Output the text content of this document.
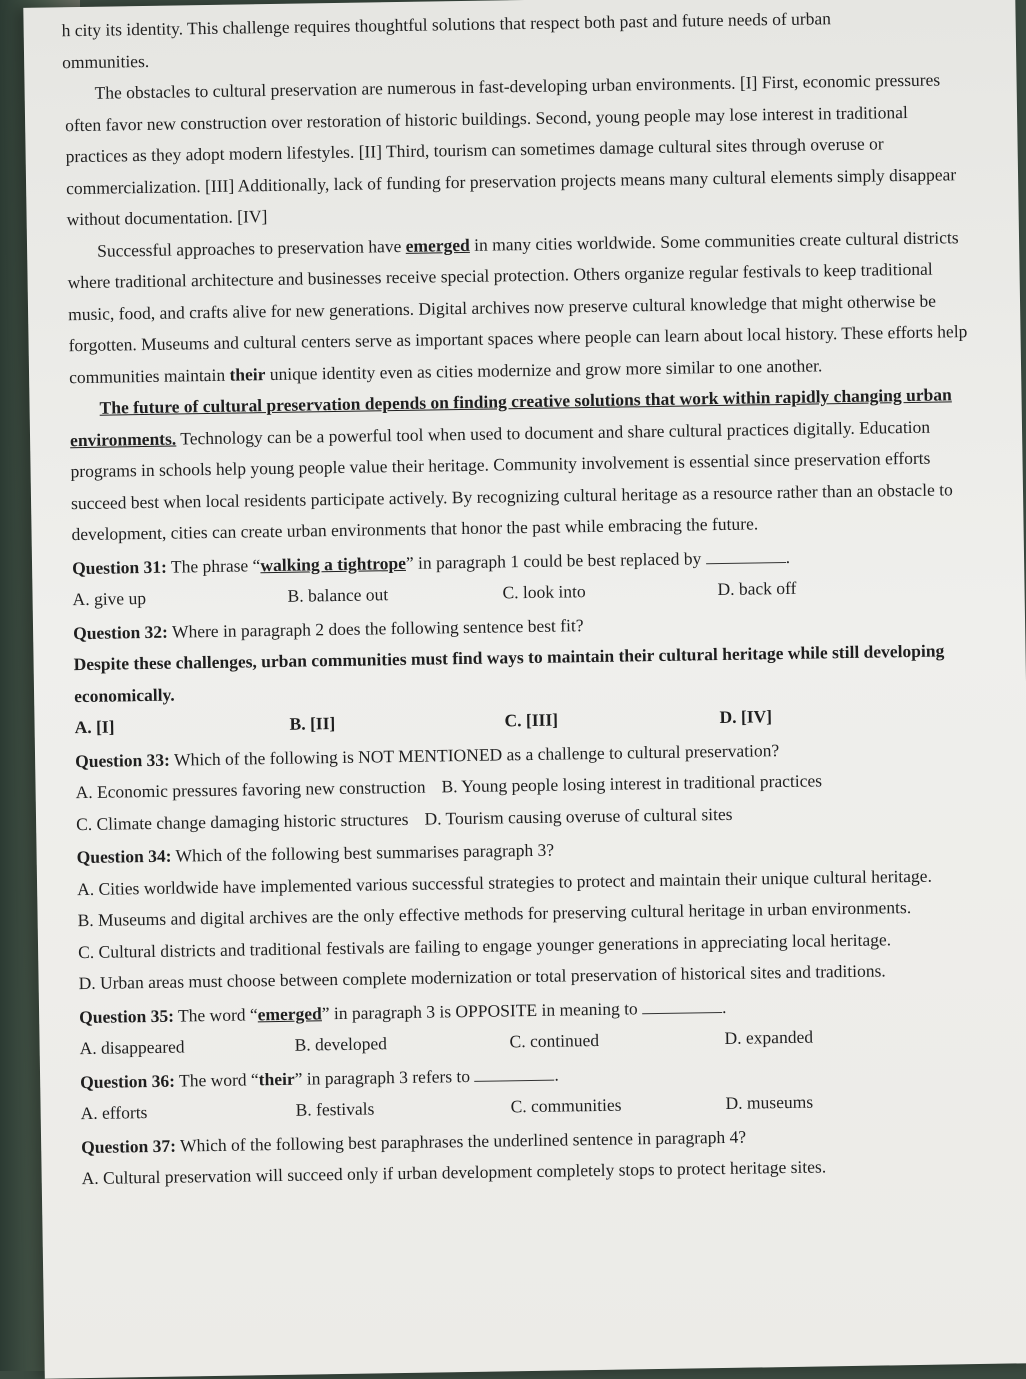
h city its identity. This challenge requires thoughtful solutions that respect both past and future needs of urban
ommunities.

The obstacles to cultural preservation are numerous in fast-developing urban environments. [I] First, economic pressures often favor new construction over restoration of historic buildings. Second, young people may lose interest in traditional practices as they adopt modern lifestyles. [II] Third, tourism can sometimes damage cultural sites through overuse or commercialization. [III] Additionally, lack of funding for preservation projects means many cultural elements simply disappear without documentation. [IV]

Successful approaches to preservation have emerged in many cities worldwide. Some communities create cultural districts where traditional architecture and businesses receive special protection. Others organize regular festivals to keep traditional music, food, and crafts alive for new generations. Digital archives now preserve cultural knowledge that might otherwise be forgotten. Museums and cultural centers serve as important spaces where people can learn about local history. These efforts help communities maintain their unique identity even as cities modernize and grow more similar to one another.

The future of cultural preservation depends on finding creative solutions that work within rapidly changing urban environments. Technology can be a powerful tool when used to document and share cultural practices digitally. Education programs in schools help young people value their heritage. Community involvement is essential since preservation efforts succeed best when local residents participate actively. By recognizing cultural heritage as a resource rather than an obstacle to development, cities can create urban environments that honor the past while embracing the future.

Question 31: The phrase “walking a tightrope” in paragraph 1 could be best replaced by	.

A. give up	B. balance out	C. look into	D. back off

Question 32: Where in paragraph 2 does the following sentence best fit?

Despite these challenges, urban communities must find ways to maintain their cultural heritage while still developing economically.

A. [I]	B. [II]	C. [III]	D. [IV]

Question 33: Which of the following is NOT MENTIONED as a challenge to cultural preservation?

A. Economic pressures favoring new construction B. Young people losing interest in traditional practices
C. Climate change damaging historic structures D. Tourism causing overuse of cultural sites

Question 34: Which of the following best summarises paragraph 3?

A. Cities worldwide have implemented various successful strategies to protect and maintain their unique cultural heritage.

B. Museums and digital archives are the only effective methods for preserving cultural heritage in urban environments.

C. Cultural districts and traditional festivals are failing to engage younger generations in appreciating local heritage.

D. Urban areas must choose between complete modernization or total preservation of historical sites and traditions.

Question 35: The word “emerged” in paragraph 3 is OPPOSITE in meaning to	.

A. disappeared	B. developed	C. continued	D. expanded

Question 36: The word “their” in paragraph 3 refers to	.

A. efforts	B. festivals	C. communities	D. museums

Question 37: Which of the following best paraphrases the underlined sentence in paragraph 4?

A. Cultural preservation will succeed only if urban development completely stops to protect heritage sites.
